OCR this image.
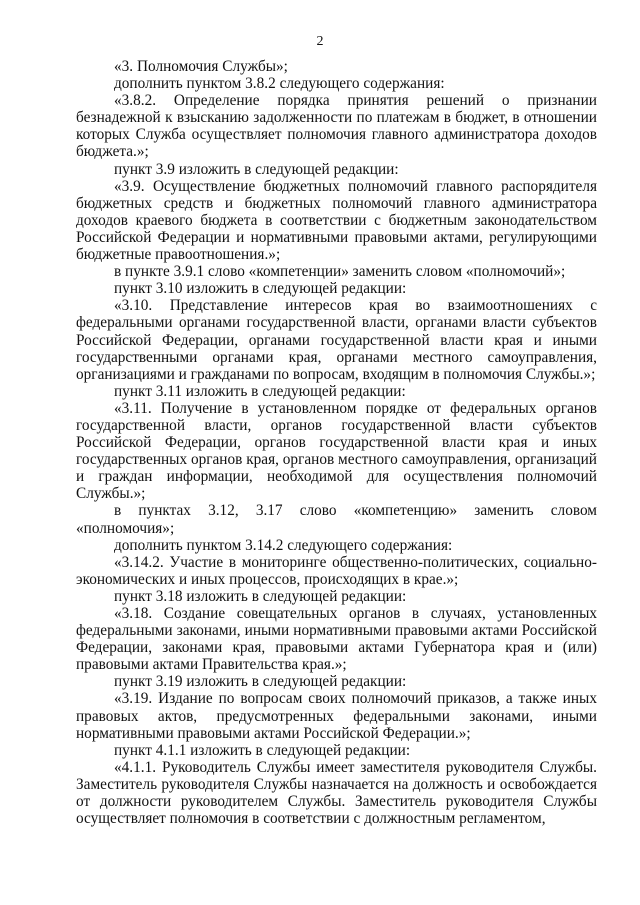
2

«3. Полномочия Службы»;

дополнить пунктом 3.8.2 следующего содержания:

«3.8.2. Определение порядка принятия решений о признании безнадежной к взысканию задолженности по платежам в бюджет, в отношении которых Служба осуществляет полномочия главного администратора доходов бюджета.»;

пункт 3.9 изложить в следующей редакции:

«3.9. Осуществление бюджетных полномочий главного распорядителя бюджетных средств и бюджетных полномочий главного администратора доходов краевого бюджета в соответствии с бюджетным законодательством Российской Федерации и нормативными правовыми актами, регулирующими бюджетные правоотношения.»;

в пункте 3.9.1 слово «компетенции» заменить словом «полномочий»;

пункт 3.10 изложить в следующей редакции:

«3.10. Представление интересов края во взаимоотношениях с федеральными органами государственной власти, органами власти субъектов Российской Федерации, органами государственной власти края и иными государственными органами края, органами местного самоуправления, организациями и гражданами по вопросам, входящим в полномочия Службы.»;

пункт 3.11 изложить в следующей редакции:

«3.11. Получение в установленном порядке от федеральных органов государственной власти, органов государственной власти субъектов Российской Федерации, органов государственной власти края и иных государственных органов края, органов местного самоуправления, организаций и граждан информации, необходимой для осуществления полномочий Службы.»;

в пунктах 3.12, 3.17 слово «компетенцию» заменить словом «полномочия»;

дополнить пунктом 3.14.2 следующего содержания:

«3.14.2. Участие в мониторинге общественно-политических, социально-экономических и иных процессов, происходящих в крае.»;

пункт 3.18 изложить в следующей редакции:

«3.18. Создание совещательных органов в случаях, установленных федеральными законами, иными нормативными правовыми актами Российской Федерации, законами края, правовыми актами Губернатора края и (или) правовыми актами Правительства края.»;

пункт 3.19 изложить в следующей редакции:

«3.19. Издание по вопросам своих полномочий приказов, а также иных правовых актов, предусмотренных федеральными законами, иными нормативными правовыми актами Российской Федерации.»;

пункт 4.1.1 изложить в следующей редакции:

«4.1.1. Руководитель Службы имеет заместителя руководителя Службы. Заместитель руководителя Службы назначается на должность и освобождается от должности руководителем Службы. Заместитель руководителя Службы осуществляет полномочия в соответствии с должностным регламентом,
